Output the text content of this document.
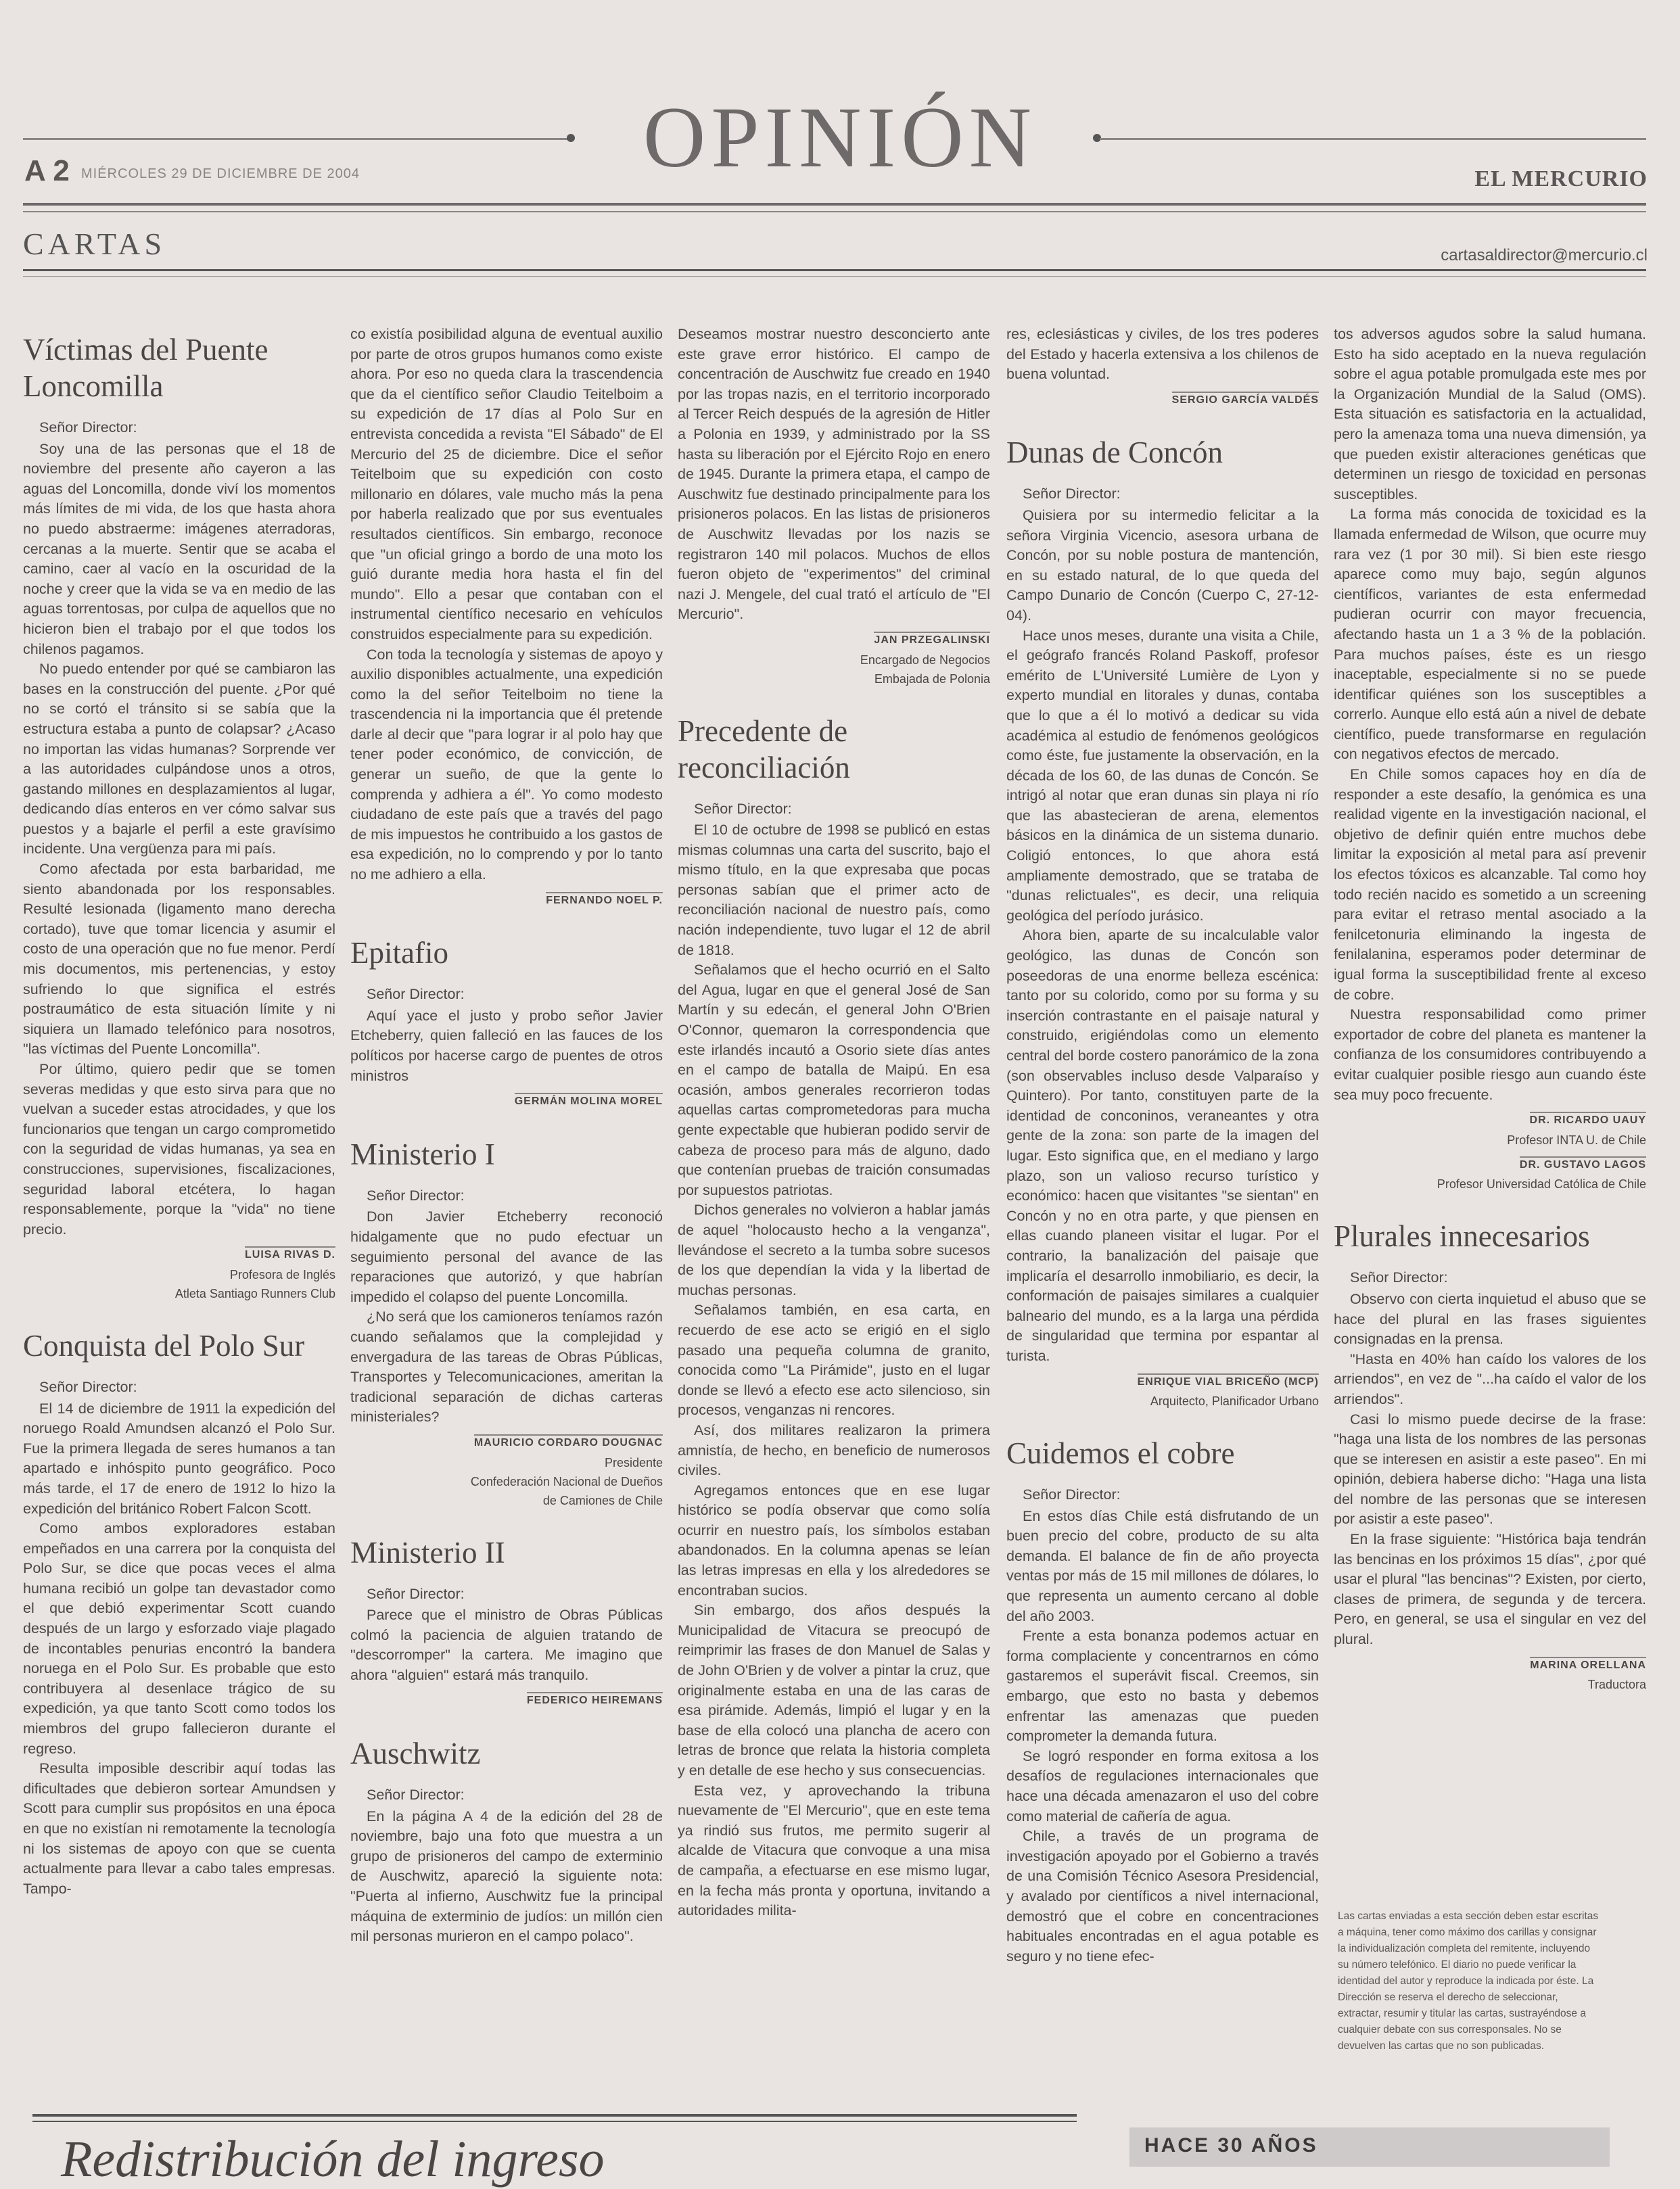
OPINIÓN
A 2 MIÉRCOLES 29 DE DICIEMBRE DE 2004	EL MERCURIO
CARTAS	cartasaldirector@mercurio.cl
Víctimas del Puente Loncomilla
Señor Director:

Soy una de las personas que el 18 de noviembre del presente año cayeron a las aguas del Loncomilla, donde viví los momentos más límites de mi vida, de los que hasta ahora no puedo abstraerme: imágenes aterradoras, cercanas a la muerte. Sentir que se acaba el camino, caer al vacío en la oscuridad de la noche y creer que la vida se va en medio de las aguas torrentosas, por culpa de aquellos que no hicieron bien el trabajo por el que todos los chilenos pagamos.

No puedo entender por qué se cambiaron las bases en la construcción del puente. ¿Por qué no se cortó el tránsito si se sabía que la estructura estaba a punto de colapsar? ¿Acaso no importan las vidas humanas? Sorprende ver a las autoridades culpándose unos a otros, gastando millones en desplazamientos al lugar, dedicando días enteros en ver cómo salvar sus puestos y a bajarle el perfil a este gravísimo incidente. Una vergüenza para mi país.

Como afectada por esta barbaridad, me siento abandonada por los responsables. Resulté lesionada (ligamento mano derecha cortado), tuve que tomar licencia y asumir el costo de una operación que no fue menor. Perdí mis documentos, mis pertenencias, y estoy sufriendo lo que significa el estrés postraumático de esta situación límite y ni siquiera un llamado telefónico para nosotros, "las víctimas del Puente Loncomilla".

Por último, quiero pedir que se tomen severas medidas y que esto sirva para que no vuelvan a suceder estas atrocidades, y que los funcionarios que tengan un cargo comprometido con la seguridad de vidas humanas, ya sea en construcciones, supervisiones, fiscalizaciones, seguridad laboral etcétera, lo hagan responsablemente, porque la "vida" no tiene precio.

LUISA RIVAS D.
Profesora de Inglés
Atleta Santiago Runners Club
Conquista del Polo Sur
Señor Director:

El 14 de diciembre de 1911 la expedición del noruego Roald Amundsen alcanzó el Polo Sur. Fue la primera llegada de seres humanos a tan apartado e inhóspito punto geográfico. Poco más tarde, el 17 de enero de 1912 lo hizo la expedición del británico Robert Falcon Scott.

Como ambos exploradores estaban empeñados en una carrera por la conquista del Polo Sur, se dice que pocas veces el alma humana recibió un golpe tan devastador como el que debió experimentar Scott cuando después de un largo y esforzado viaje plagado de incontables penurias encontró la bandera noruega en el Polo Sur. Es probable que esto contribuyera al desenlace trágico de su expedición, ya que tanto Scott como todos los miembros del grupo fallecieron durante el regreso.

Resulta imposible describir aquí todas las dificultades que debieron sortear Amundsen y Scott para cumplir sus propósitos en una época en que no existían ni remotamente la tecnología ni los sistemas de apoyo con que se cuenta actualmente para llevar a cabo tales empresas. Tampo-

co existía posibilidad alguna de eventual auxilio por parte de otros grupos humanos como existe ahora. Por eso no queda clara la trascendencia que da el científico señor Claudio Teitelboim a su expedición de 17 días al Polo Sur en entrevista concedida a revista "El Sábado" de El Mercurio del 25 de diciembre. Dice el señor Teitelboim que su expedición con costo millonario en dólares, vale mucho más la pena por haberla realizado que por sus eventuales resultados científicos. Sin embargo, reconoce que "un oficial gringo a bordo de una moto los guió durante media hora hasta el fin del mundo". Ello a pesar que contaban con el instrumental científico necesario en vehículos construidos especialmente para su expedición.

Con toda la tecnología y sistemas de apoyo y auxilio disponibles actualmente, una expedición como la del señor Teitelboim no tiene la trascendencia ni la importancia que él pretende darle al decir que "para lograr ir al polo hay que tener poder económico, de convicción, de generar un sueño, de que la gente lo comprenda y adhiera a él". Yo como modesto ciudadano de este país que a través del pago de mis impuestos he contribuido a los gastos de esa expedición, no lo comprendo y por lo tanto no me adhiero a ella.

FERNANDO NOEL P.
Epitafio
Señor Director:

Aquí yace el justo y probo señor Javier Etcheberry, quien falleció en las fauces de los políticos por hacerse cargo de puentes de otros ministros

GERMÁN MOLINA MOREL
Ministerio I
Señor Director:

Don Javier Etcheberry reconoció hidalgamente que no pudo efectuar un seguimiento personal del avance de las reparaciones que autorizó, y que habrían impedido el colapso del puente Loncomilla.

¿No será que los camioneros teníamos razón cuando señalamos que la complejidad y envergadura de las tareas de Obras Públicas, Transportes y Telecomunicaciones, ameritan la tradicional separación de dichas carteras ministeriales?

MAURICIO CORDARO DOUGNAC
Presidente
Confederación Nacional de Dueños
de Camiones de Chile
Ministerio II
Señor Director:

Parece que el ministro de Obras Públicas colmó la paciencia de alguien tratando de "descorromper" la cartera. Me imagino que ahora "alguien" estará más tranquilo.

FEDERICO HEIREMANS
Auschwitz
Señor Director:

En la página A 4 de la edición del 28 de noviembre, bajo una foto que muestra a un grupo de prisioneros del campo de exterminio de Auschwitz, apareció la siguiente nota: "Puerta al infierno, Auschwitz fue la principal máquina de exterminio de judíos: un millón cien mil personas murieron en el campo polaco".

Deseamos mostrar nuestro desconcierto ante este grave error histórico. El campo de concentración de Auschwitz fue creado en 1940 por las tropas nazis, en el territorio incorporado al Tercer Reich después de la agresión de Hitler a Polonia en 1939, y administrado por la SS hasta su liberación por el Ejército Rojo en enero de 1945. Durante la primera etapa, el campo de Auschwitz fue destinado principalmente para los prisioneros polacos. En las listas de prisioneros de Auschwitz llevadas por los nazis se registraron 140 mil polacos. Muchos de ellos fueron objeto de "experimentos" del criminal nazi J. Mengele, del cual trató el artículo de "El Mercurio".

JAN PRZEGALINSKI
Encargado de Negocios
Embajada de Polonia
Precedente de reconciliación
Señor Director:

El 10 de octubre de 1998 se publicó en estas mismas columnas una carta del suscrito, bajo el mismo título, en la que expresaba que pocas personas sabían que el primer acto de reconciliación nacional de nuestro país, como nación independiente, tuvo lugar el 12 de abril de 1818.

Señalamos que el hecho ocurrió en el Salto del Agua, lugar en que el general José de San Martín y su edecán, el general John O'Brien O'Connor, quemaron la correspondencia que este irlandés incautó a Osorio siete días antes en el campo de batalla de Maipú. En esa ocasión, ambos generales recorrieron todas aquellas cartas comprometedoras para mucha gente expectable que hubieran podido servir de cabeza de proceso para más de alguno, dado que contenían pruebas de traición consumadas por supuestos patriotas.

Dichos generales no volvieron a hablar jamás de aquel "holocausto hecho a la venganza", llevándose el secreto a la tumba sobre sucesos de los que dependían la vida y la libertad de muchas personas.

Señalamos también, en esa carta, en recuerdo de ese acto se erigió en el siglo pasado una pequeña columna de granito, conocida como "La Pirámide", justo en el lugar donde se llevó a efecto ese acto silencioso, sin procesos, venganzas ni rencores.

Así, dos militares realizaron la primera amnistía, de hecho, en beneficio de numerosos civiles.

Agregamos entonces que en ese lugar histórico se podía observar que como solía ocurrir en nuestro país, los símbolos estaban abandonados. En la columna apenas se leían las letras impresas en ella y los alrededores se encontraban sucios.

Sin embargo, dos años después la Municipalidad de Vitacura se preocupó de reimprimir las frases de don Manuel de Salas y de John O'Brien y de volver a pintar la cruz, que originalmente estaba en una de las caras de esa pirámide. Además, limpió el lugar y en la base de ella colocó una plancha de acero con letras de bronce que relata la historia completa y en detalle de ese hecho y sus consecuencias.

Esta vez, y aprovechando la tribuna nuevamente de "El Mercurio", que en este tema ya rindió sus frutos, me permito sugerir al alcalde de Vitacura que convoque a una misa de campaña, a efectuarse en ese mismo lugar, en la fecha más pronta y oportuna, invitando a autoridades milita-

res, eclesiásticas y civiles, de los tres poderes del Estado y hacerla extensiva a los chilenos de buena voluntad.

SERGIO GARCÍA VALDÉS
Dunas de Concón
Señor Director:

Quisiera por su intermedio felicitar a la señora Virginia Vicencio, asesora urbana de Concón, por su noble postura de mantención, en su estado natural, de lo que queda del Campo Dunario de Concón (Cuerpo C, 27-12-04).

Hace unos meses, durante una visita a Chile, el geógrafo francés Roland Paskoff, profesor emérito de L'Université Lumière de Lyon y experto mundial en litorales y dunas, contaba que lo que a él lo motivó a dedicar su vida académica al estudio de fenómenos geológicos como éste, fue justamente la observación, en la década de los 60, de las dunas de Concón. Se intrigó al notar que eran dunas sin playa ni río que las abastecieran de arena, elementos básicos en la dinámica de un sistema dunario. Coligió entonces, lo que ahora está ampliamente demostrado, que se trataba de "dunas relictuales", es decir, una reliquia geológica del período jurásico.

Ahora bien, aparte de su incalculable valor geológico, las dunas de Concón son poseedoras de una enorme belleza escénica: tanto por su colorido, como por su forma y su inserción contrastante en el paisaje natural y construido, erigiéndolas como un elemento central del borde costero panorámico de la zona (son observables incluso desde Valparaíso y Quintero). Por tanto, constituyen parte de la identidad de conconinos, veraneantes y otra gente de la zona: son parte de la imagen del lugar. Esto significa que, en el mediano y largo plazo, son un valioso recurso turístico y económico: hacen que visitantes "se sientan" en Concón y no en otra parte, y que piensen en ellas cuando planeen visitar el lugar. Por el contrario, la banalización del paisaje que implicaría el desarrollo inmobiliario, es decir, la conformación de paisajes similares a cualquier balneario del mundo, es a la larga una pérdida de singularidad que termina por espantar al turista.

ENRIQUE VIAL BRICEÑO (MCP)
Arquitecto, Planificador Urbano
Cuidemos el cobre
Señor Director:

En estos días Chile está disfrutando de un buen precio del cobre, producto de su alta demanda. El balance de fin de año proyecta ventas por más de 15 mil millones de dólares, lo que representa un aumento cercano al doble del año 2003.

Frente a esta bonanza podemos actuar en forma complaciente y concentrarnos en cómo gastaremos el superávit fiscal. Creemos, sin embargo, que esto no basta y debemos enfrentar las amenazas que pueden comprometer la demanda futura.

Se logró responder en forma exitosa a los desafíos de regulaciones internacionales que hace una década amenazaron el uso del cobre como material de cañería de agua.

Chile, a través de un programa de investigación apoyado por el Gobierno a través de una Comisión Técnico Asesora Presidencial, y avalado por científicos a nivel internacional, demostró que el cobre en concentraciones habituales encontradas en el agua potable es seguro y no tiene efec-

tos adversos agudos sobre la salud humana. Esto ha sido aceptado en la nueva regulación sobre el agua potable promulgada este mes por la Organización Mundial de la Salud (OMS). Esta situación es satisfactoria en la actualidad, pero la amenaza toma una nueva dimensión, ya que pueden existir alteraciones genéticas que determinen un riesgo de toxicidad en personas susceptibles.

La forma más conocida de toxicidad es la llamada enfermedad de Wilson, que ocurre muy rara vez (1 por 30 mil). Si bien este riesgo aparece como muy bajo, según algunos científicos, variantes de esta enfermedad pudieran ocurrir con mayor frecuencia, afectando hasta un 1 a 3 % de la población. Para muchos países, éste es un riesgo inaceptable, especialmente si no se puede identificar quiénes son los susceptibles a correrlo. Aunque ello está aún a nivel de debate científico, puede transformarse en regulación con negativos efectos de mercado.

En Chile somos capaces hoy en día de responder a este desafío, la genómica es una realidad vigente en la investigación nacional, el objetivo de definir quién entre muchos debe limitar la exposición al metal para así prevenir los efectos tóxicos es alcanzable. Tal como hoy todo recién nacido es sometido a un screening para evitar el retraso mental asociado a la fenilcetonuria eliminando la ingesta de fenilalanina, esperamos poder determinar de igual forma la susceptibilidad frente al exceso de cobre.

Nuestra responsabilidad como primer exportador de cobre del planeta es mantener la confianza de los consumidores contribuyendo a evitar cualquier posible riesgo aun cuando éste sea muy poco frecuente.

DR. RICARDO UAUY
Profesor INTA U. de Chile
DR. GUSTAVO LAGOS
Profesor Universidad Católica de Chile
Plurales innecesarios
Señor Director:

Observo con cierta inquietud el abuso que se hace del plural en las frases siguientes consignadas en la prensa.

"Hasta en 40% han caído los valores de los arriendos", en vez de "...ha caído el valor de los arriendos".

Casi lo mismo puede decirse de la frase: "haga una lista de los nombres de las personas que se interesen en asistir a este paseo". En mi opinión, debiera haberse dicho: "Haga una lista del nombre de las personas que se interesen por asistir a este paseo".

En la frase siguiente: "Histórica baja tendrán las bencinas en los próximos 15 días", ¿por qué usar el plural "las bencinas"? Existen, por cierto, clases de primera, de segunda y de tercera. Pero, en general, se usa el singular en vez del plural.

MARINA ORELLANA
Traductora
Las cartas enviadas a esta sección deben estar escritas a máquina, tener como máximo dos carillas y consignar la individualización completa del remitente, incluyendo su número telefónico. El diario no puede verificar la identidad del autor y reproduce la indicada por éste. La Dirección se reserva el derecho de seleccionar, extractar, resumir y titular las cartas, sustrayéndose a cualquier debate con sus corresponsales. No se devuelven las cartas que no son publicadas.
Redistribución del ingreso	HACE 30 AÑOS
